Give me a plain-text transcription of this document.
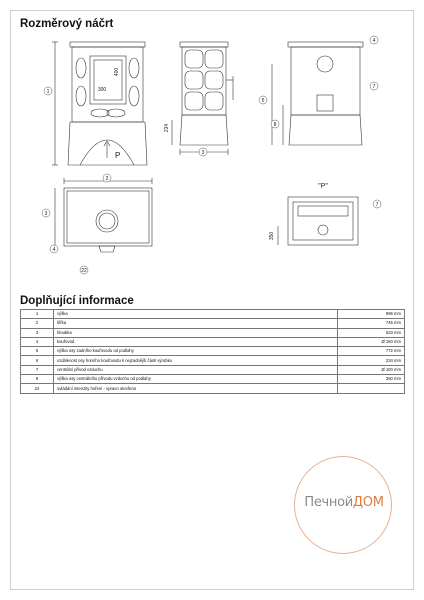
Rozměrový náčrt
1
3
4
7
5
8
2
3
4
22
7
400
300
234
350
P
"P"
Doplňující informace
1	výška	996 mm
2	šířka	745 mm
3	hloubka	523 mm
4	kouřovod	Ø 150 mm
5	výška osy zadního kouřovodu od podlahy	772 mm
6	vzdálenost osy horního kouřovodu k nejzadnější části výrobku	234 mm
7	centrální přívod vzduchu	Ø 100 mm
8	výška osy centrálního přívodu vzduchu od podlahy	350 mm
22	ovládání intenzity hoření - vpravo otevřeno	
ПечнойДОМ
